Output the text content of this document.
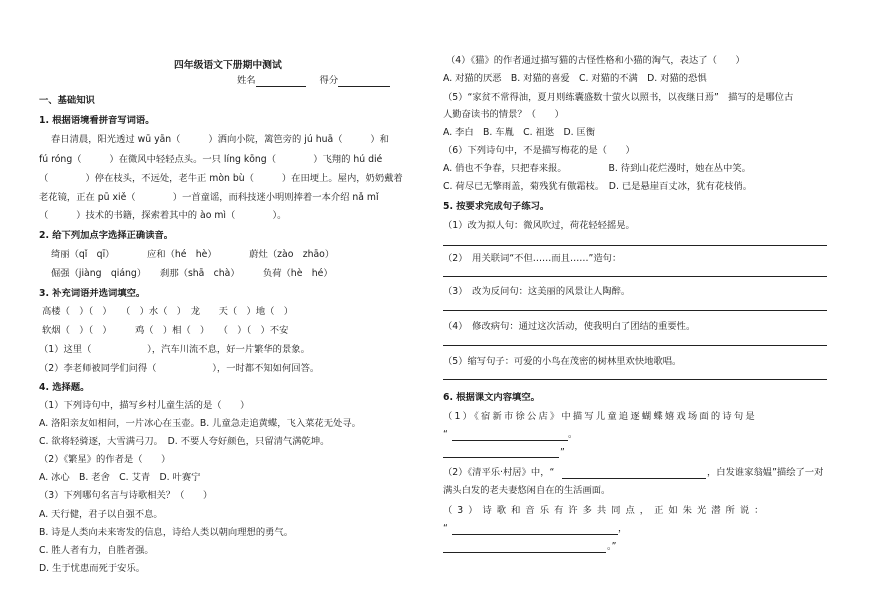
四年级语文下册期中测试
姓名	得分
一、基础知识
1. 根据语境看拼音写词语。
春日清晨，阳光透过 wū yān（　　　）洒向小院，篱笆旁的 jú huā（　　　）和
fú róng（　　　）在微风中轻轻点头。一只 líng kōng（　　　　）飞翔的 hú dié
（　　　　）停在枝头，不远处，老牛正 mòn bù（　　　）在田埂上。屋内，奶奶戴着
老花镜，正在 pū xiě（　　　　）一首童谣，而科技迷小明则捧着一本介绍 nǎ mǐ
（　　　）技术的书籍，探索着其中的 ào mì（　　　　）。
2. 给下列加点字选择正确读音。
绮丽（qǐ　qī）　　　　应和（hé　hè）　　　　蔚灶（zào　zhāo）
倔强（jiàng　qiáng）　　刹那（shā　chà）　　　负荷（hè　hé）
3. 补充词语并选词填空。
高楼（　）（　）　　（　）水（　）　龙　　天（　）地（　）
软烟（　）（　）　　　鸡（　）相（　）　　（　）（　）不安
（1）这里（　　　　　　），汽车川流不息，好一片繁华的景象。
（2）李老师被同学们问得（　　　　　　），一时都不知如何回答。
4. 选择题。
（1）下列诗句中，描写乡村儿童生活的是（　　）
A. 洛阳亲友如相问，一片冰心在玉壶。B. 儿童急走追黄蝶，飞入菜花无处寻。
C. 欲将轻骑逐，大雪满弓刀。　D. 不要人夸好颜色，只留清气满乾坤。
（2）《繁星》的作者是（　　）
A. 冰心　B. 老舍　C. 艾青　D. 叶赛宁
（3）下列哪句名言与诗歌相关？（　　）
A. 天行健，君子以自强不息。
B. 诗是人类向未来寄发的信息，诗给人类以朝向理想的勇气。
C. 胜人者有力，自胜者强。
D. 生于忧患而死于安乐。
（4）《猫》的作者通过描写猫的古怪性格和小猫的淘气，表达了（　　）
A. 对猫的厌恶　B. 对猫的喜爱　C. 对猫的不满　D. 对猫的恐惧
（5）“家贫不常得油，夏月则练囊盛数十萤火以照书，以夜继日焉”　描写的是哪位古
人勤奋读书的情景？（　　）
A. 李白　B. 车胤　C. 祖逖　D. 匡衡
（6）下列诗句中，不是描写梅花的是（　　）
A. 俏也不争春，只把春来报。　　　　　B. 待到山花烂漫时，她在丛中笑。
C. 荷尽已无擎雨盖，菊残犹有傲霜枝。　D. 已是悬崖百丈冰，犹有花枝俏。
5. 按要求完成句子练习。
（1）改为拟人句：微风吹过，荷花轻轻摇晃。
（2）　用关联词“不但……而且……”造句：
（3）　改为反问句：这美丽的风景让人陶醉。
（4）　修改病句：通过这次活动，使我明白了团结的重要性。
（5）缩写句子：可爱的小鸟在茂密的树林里欢快地歌唱。
6. 根据课文内容填空。
（1）《宿新市徐公店》中描写儿童追逐蝴蝶嬉戏场面的诗句是
“	。
”
（2）《清平乐·村居》中，“	，白发谁家翁媪”描绘了一对
满头白发的老夫妻悠闲自在的生活画面。
（3）诗歌和音乐有许多共同点，正如朱光潜所说：
“	，
。”
